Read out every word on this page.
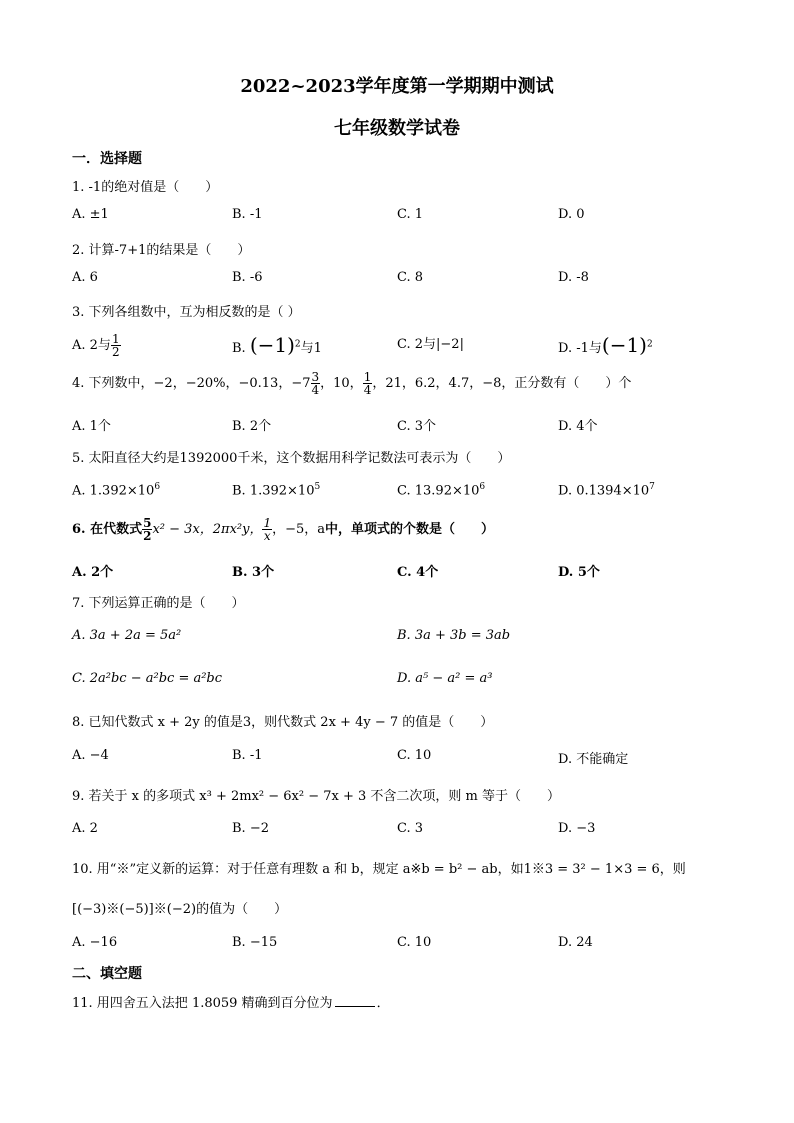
2022~2023学年度第一学期期中测试
七年级数学试卷
一．选择题
1. -1的绝对值是（　　）
A. ±1	B. -1	C. 1	D. 0
2. 计算-7+1的结果是（　　）
A. 6	B. -6	C. 8	D. -8
3. 下列各组数中，互为相反数的是（ ）
A. 2与 $\frac{1}{2}$	B. $(-1)^2$与1	C. 2与|−2|	D. -1与$(-1)^2$
4. 下列数中，−2，−20%，−0.13，$-7 \frac{3}{4}$ ，10， $\frac{1}{4}$ ，21，6.2，4.7，−8，正分数有（　　）个
A. 1个	B. 2个	C. 3个	D. 4个
5. 太阳直径大约是1392000千米，这个数据用科学记数法可表示为（　　）
A. $1.392\times 10^6$	B. $1.392\times 10^5$	C. $13.92\times 10^6$	D. $0.1394\times 10^7$
6. 在代数式 $\frac{5}{2} x^2 - 3x$，2πx²y， $\frac{1}{x}$ ，−5，a中，单项式的个数是（　　）
A. 2个	B. 3个	C. 4个	D. 5个
7. 下列运算正确的是（　　）
A. 3a + 2a = 5a²	B. 3a + 3b = 3ab
C. 2a²bc − a²bc = a²bc	D. a⁵ − a² = a³
8. 已知代数式 x + 2y 的值是3，则代数式 2x + 4y − 7 的值是（　　）
A. −4	B. -1	C. 10	D. 不能确定
9. 若关于 x 的多项式 x³ + 2mx² − 6x² − 7x + 3 不含二次项，则 m 等于（　　）
A. 2	B. −2	C. 3	D. −3
10. 用“※”定义新的运算：对于任意有理数 a 和 b，规定 a※b = b² − ab，如1※3 = 3² − 1×3 = 6，则
[(−3)※(−5)]※(−2)的值为（　　）
A. −16	B. −15	C. 10	D. 24
二、填空题
11. 用四舍五入法把 1.8059 精确到百分位为	．
